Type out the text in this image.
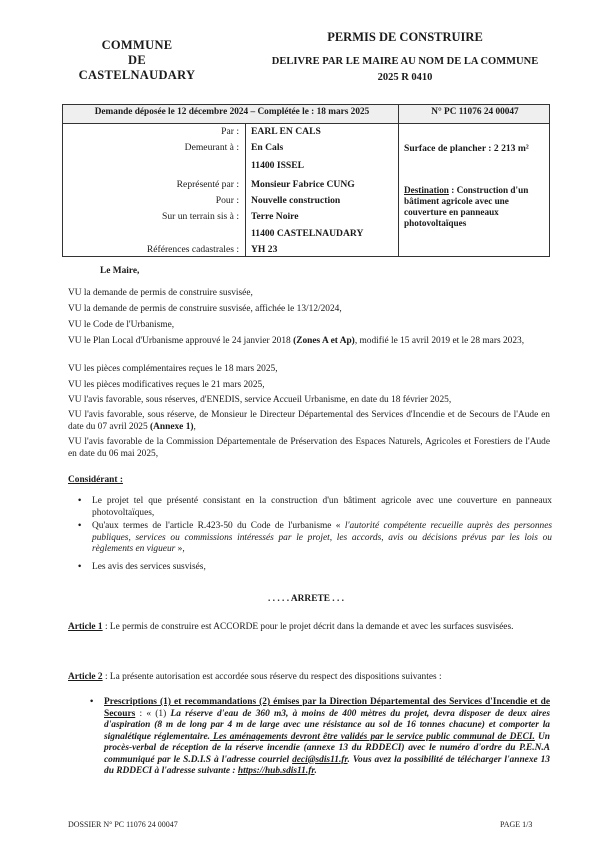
COMMUNE
DE
CASTELNAUDARY
PERMIS DE CONSTRUIRE
DELIVRE PAR LE MAIRE AU NOM DE LA COMMUNE
2025 R 0410
Demande déposée le 12 décembre 2024 – Complétée le : 18 mars 2025	N° PC 11076 24 00047
Par : EARL EN CALS
Demeurant à : En Cals
11400 ISSEL
Représenté par : Monsieur Fabrice CUNG
Pour : Nouvelle construction
Sur un terrain sis à : Terre Noire
11400 CASTELNAUDARY
Références cadastrales : YH 23
Surface de plancher : 2 213 m²
Destination : Construction d'un bâtiment agricole avec une couverture en panneaux photovoltaïques
Le Maire,
VU la demande de permis de construire susvisée,
VU la demande de permis de construire susvisée, affichée le 13/12/2024,
VU le Code de l'Urbanisme,
VU le Plan Local d'Urbanisme approuvé le 24 janvier 2018 (Zones A et Ap), modifié le 15 avril 2019 et le 28 mars 2023,
VU les pièces complémentaires reçues le 18 mars 2025,
VU les pièces modificatives reçues le 21 mars 2025,
VU l'avis favorable, sous réserves, d'ENEDIS, service Accueil Urbanisme, en date du 18 février 2025,
VU l'avis favorable, sous réserve, de Monsieur le Directeur Départemental des Services d'Incendie et de Secours de l'Aude en date du 07 avril 2025 (Annexe 1),
VU l'avis favorable de la Commission Départementale de Préservation des Espaces Naturels, Agricoles et Forestiers de l'Aude en date du 06 mai 2025,
Considérant :
• Le projet tel que présenté consistant en la construction d'un bâtiment agricole avec une couverture en panneaux photovoltaïques,
• Qu'aux termes de l'article R.423-50 du Code de l'urbanisme « l'autorité compétente recueille auprès des personnes publiques, services ou commissions intéressés par le projet, les accords, avis ou décisions prévus par les lois ou règlements en vigueur »,
• Les avis des services susvisés,
. . . . . ARRETE . . .
Article 1 : Le permis de construire est ACCORDE pour le projet décrit dans la demande et avec les surfaces susvisées.
Article 2 : La présente autorisation est accordée sous réserve du respect des dispositions suivantes :
• Prescriptions (1) et recommandations (2) émises par la Direction Départemental des Services d'Incendie et de Secours : « (1) La réserve d'eau de 360 m3, à moins de 400 mètres du projet, devra disposer de deux aires d'aspiration (8 m de long par 4 m de large avec une résistance au sol de 16 tonnes chacune) et comporter la signalétique réglementaire. Les aménagements devront être validés par le service public communal de DECI. Un procès-verbal de réception de la réserve incendie (annexe 13 du RDDECI) avec le numéro d'ordre du P.E.N.A communiqué par le S.D.I.S à l'adresse courriel deci@sdis11.fr. Vous avez la possibilité de télécharger l'annexe 13 du RDDECI à l'adresse suivante : https://hub.sdis11.fr.
DOSSIER N° PC 11076 24 00047	PAGE 1/3
